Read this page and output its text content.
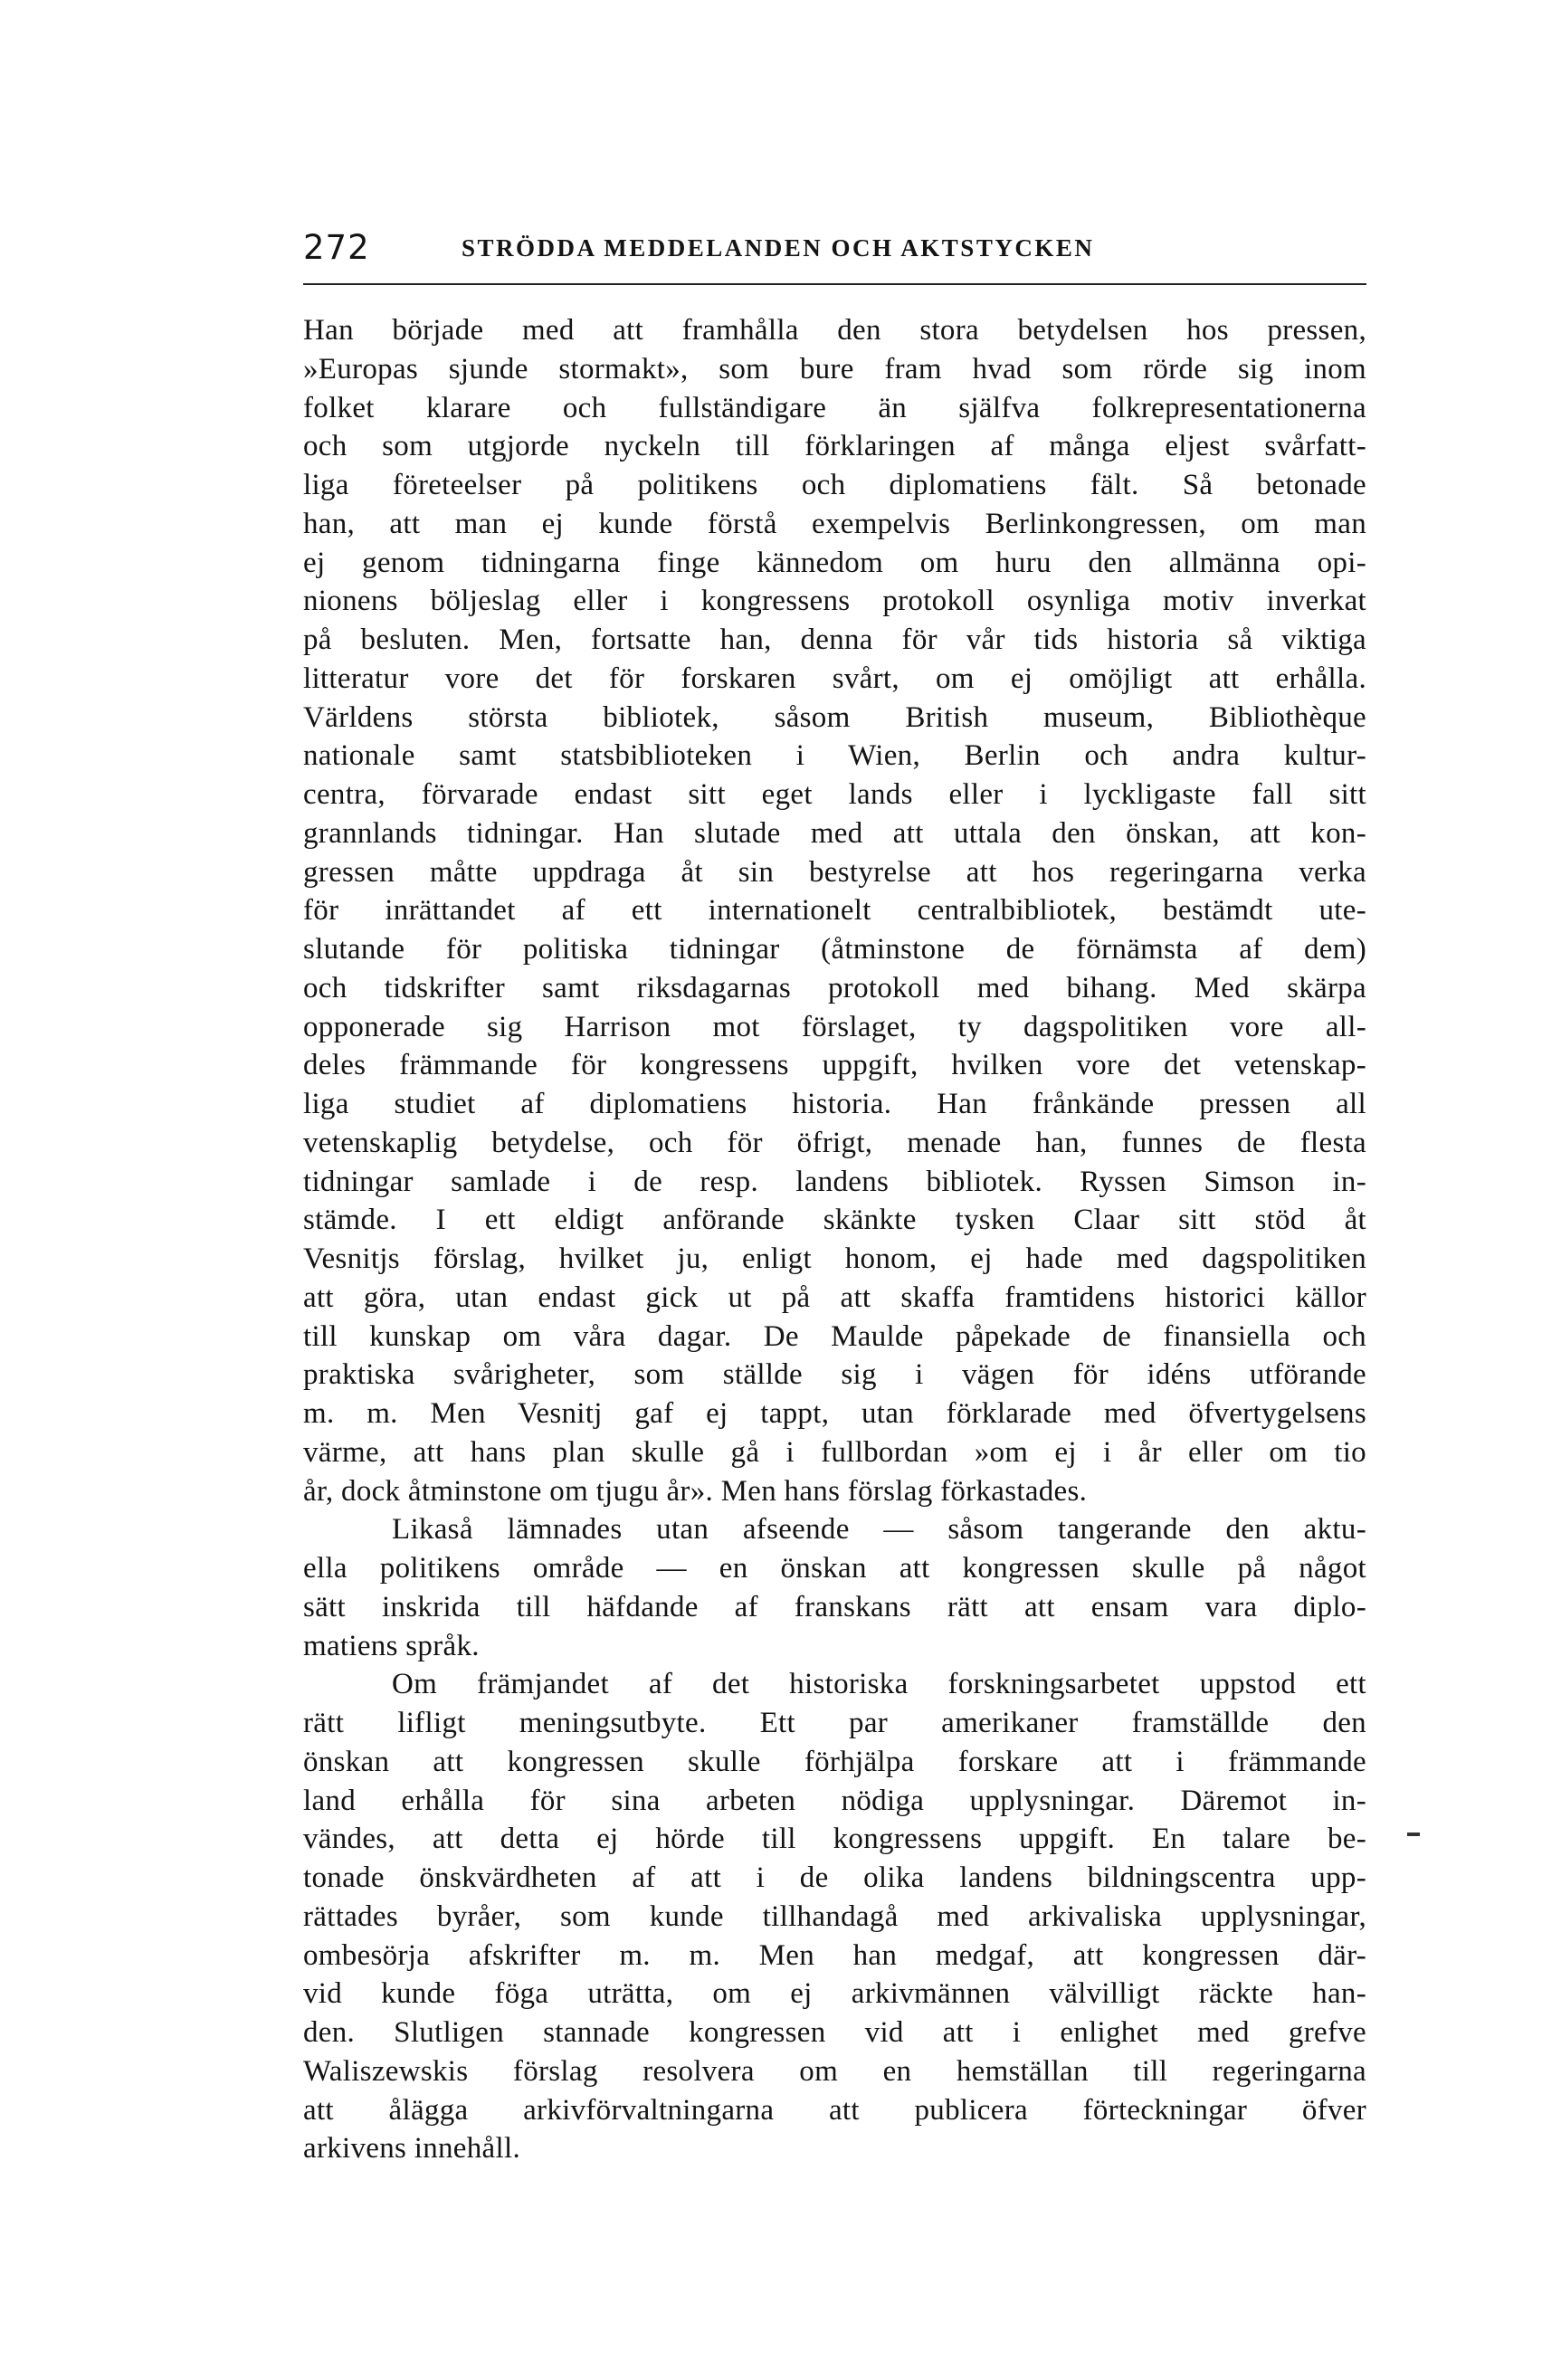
272	STRÖDDA MEDDELANDEN OCH AKTSTYCKEN
Han började med att framhålla den stora betydelsen hos pressen,
»Europas sjunde stormakt», som bure fram hvad som rörde sig inom
folket klarare och fullständigare än själfva folkrepresentationerna
och som utgjorde nyckeln till förklaringen af många eljest svårfatt-
liga företeelser på politikens och diplomatiens fält. Så betonade
han, att man ej kunde förstå exempelvis Berlinkongressen, om man
ej genom tidningarna finge kännedom om huru den allmänna opi-
nionens böljeslag eller i kongressens protokoll osynliga motiv inverkat
på besluten. Men, fortsatte han, denna för vår tids historia så viktiga
litteratur vore det för forskaren svårt, om ej omöjligt att erhålla.
Världens största bibliotek, såsom British museum, Bibliothèque
nationale samt statsbiblioteken i Wien, Berlin och andra kultur-
centra, förvarade endast sitt eget lands eller i lyckligaste fall sitt
grannlands tidningar. Han slutade med att uttala den önskan, att kon-
gressen måtte uppdraga åt sin bestyrelse att hos regeringarna verka
för inrättandet af ett internationelt centralbibliotek, bestämdt ute-
slutande för politiska tidningar (åtminstone de förnämsta af dem)
och tidskrifter samt riksdagarnas protokoll med bihang. Med skärpa
opponerade sig Harrison mot förslaget, ty dagspolitiken vore all-
deles främmande för kongressens uppgift, hvilken vore det vetenskap-
liga studiet af diplomatiens historia. Han frånkände pressen all
vetenskaplig betydelse, och för öfrigt, menade han, funnes de flesta
tidningar samlade i de resp. landens bibliotek. Ryssen Simson in-
stämde. I ett eldigt anförande skänkte tysken Claar sitt stöd åt
Vesnitjs förslag, hvilket ju, enligt honom, ej hade med dagspolitiken
att göra, utan endast gick ut på att skaffa framtidens historici källor
till kunskap om våra dagar. De Maulde påpekade de finansiella och
praktiska svårigheter, som ställde sig i vägen för idéns utförande
m. m. Men Vesnitj gaf ej tappt, utan förklarade med öfvertygelsens
värme, att hans plan skulle gå i fullbordan »om ej i år eller om tio
år, dock åtminstone om tjugu år». Men hans förslag förkastades.
Likaså lämnades utan afseende — såsom tangerande den aktu-
ella politikens område — en önskan att kongressen skulle på något
sätt inskrida till häfdande af franskans rätt att ensam vara diplo-
matiens språk.
Om främjandet af det historiska forskningsarbetet uppstod ett
rätt lifligt meningsutbyte. Ett par amerikaner framställde den
önskan att kongressen skulle förhjälpa forskare att i främmande
land erhålla för sina arbeten nödiga upplysningar. Däremot in-
vändes, att detta ej hörde till kongressens uppgift. En talare be-
tonade önskvärdheten af att i de olika landens bildningscentra upp-
rättades byråer, som kunde tillhandagå med arkivaliska upplysningar,
ombesörja afskrifter m. m. Men han medgaf, att kongressen där-
vid kunde föga uträtta, om ej arkivmännen välvilligt räckte han-
den. Slutligen stannade kongressen vid att i enlighet med grefve
Waliszewskis förslag resolvera om en hemställan till regeringarna
att ålägga arkivförvaltningarna att publicera förteckningar öfver
arkivens innehåll.
